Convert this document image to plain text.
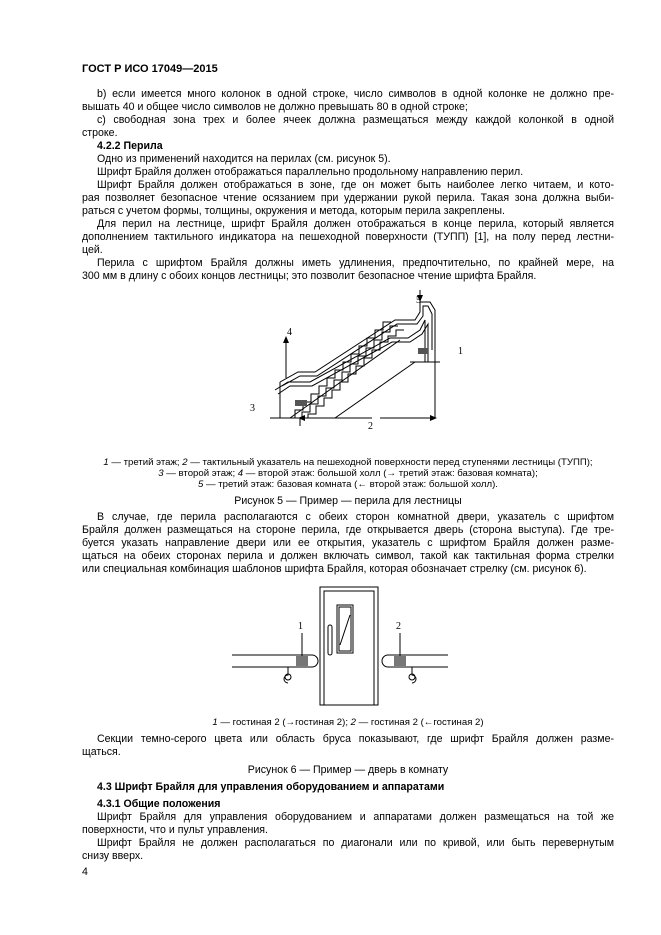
ГОСТ Р ИСО 17049—2015
b) если имеется много колонок в одной строке, число символов в одной колонке не должно пре-
вышать 40 и общее число символов не должно превышать 80 в одной строке;
с) свободная зона трех и более ячеек должна размещаться между каждой колонкой в одной
строке.
4.2.2 Перила
Одно из применений находится на перилах (см. рисунок 5).
Шрифт Брайля должен отображаться параллельно продольному направлению перил.
Шрифт Брайля должен отображаться в зоне, где он может быть наиболее легко читаем, и кото-
рая позволяет безопасное чтение осязанием при удержании рукой перила. Такая зона должна выби-
раться с учетом формы, толщины, окружения и метода, которым перила закреплены.
Для перил на лестнице, шрифт Брайля должен отображаться в конце перила, который является
дополнением тактильного индикатора на пешеходной поверхности (ТУПП) [1], на полу перед лестни-
цей.
Перила с шрифтом Брайля должны иметь удлинения, предпочтительно, по крайней мере, на
300 мм в длину с обоих концов лестницы; это позволит безопасное чтение шрифта Брайля.
5
4
1
3
2
1 — третий этаж; 2 — тактильный указатель на пешеходной поверхности перед ступенями лестницы (ТУПП);
3 — второй этаж; 4 — второй этаж: большой холл (→ третий этаж: базовая комната);
5 — третий этаж: базовая комната (← второй этаж: большой холл).
Рисунок 5 — Пример — перила для лестницы
В случае, где перила располагаются с обеих сторон комнатной двери, указатель с шрифтом
Брайля должен размещаться на стороне перила, где открывается дверь (сторона выступа). Где тре-
буется указать направление двери или ее открытия, указатель с шрифтом Брайля должен разме-
щаться на обеих сторонах перила и должен включать символ, такой как тактильная форма стрелки
или специальная комбинация шаблонов шрифта Брайля, которая обозначает стрелку (см. рисунок 6).
1	2
1 — гостиная 2 (→гостиная 2); 2 — гостиная 2 (←гостиная 2)
Секции темно-серого цвета или область бруса показывают, где шрифт Брайля должен разме-
щаться.
Рисунок 6 — Пример — дверь в комнату
4.3 Шрифт Брайля для управления оборудованием и аппаратами
4.3.1 Общие положения
Шрифт Брайля для управления оборудованием и аппаратами должен размещаться на той же
поверхности, что и пульт управления.
Шрифт Брайля не должен располагаться по диагонали или по кривой, или быть перевернутым
снизу вверх.
4
